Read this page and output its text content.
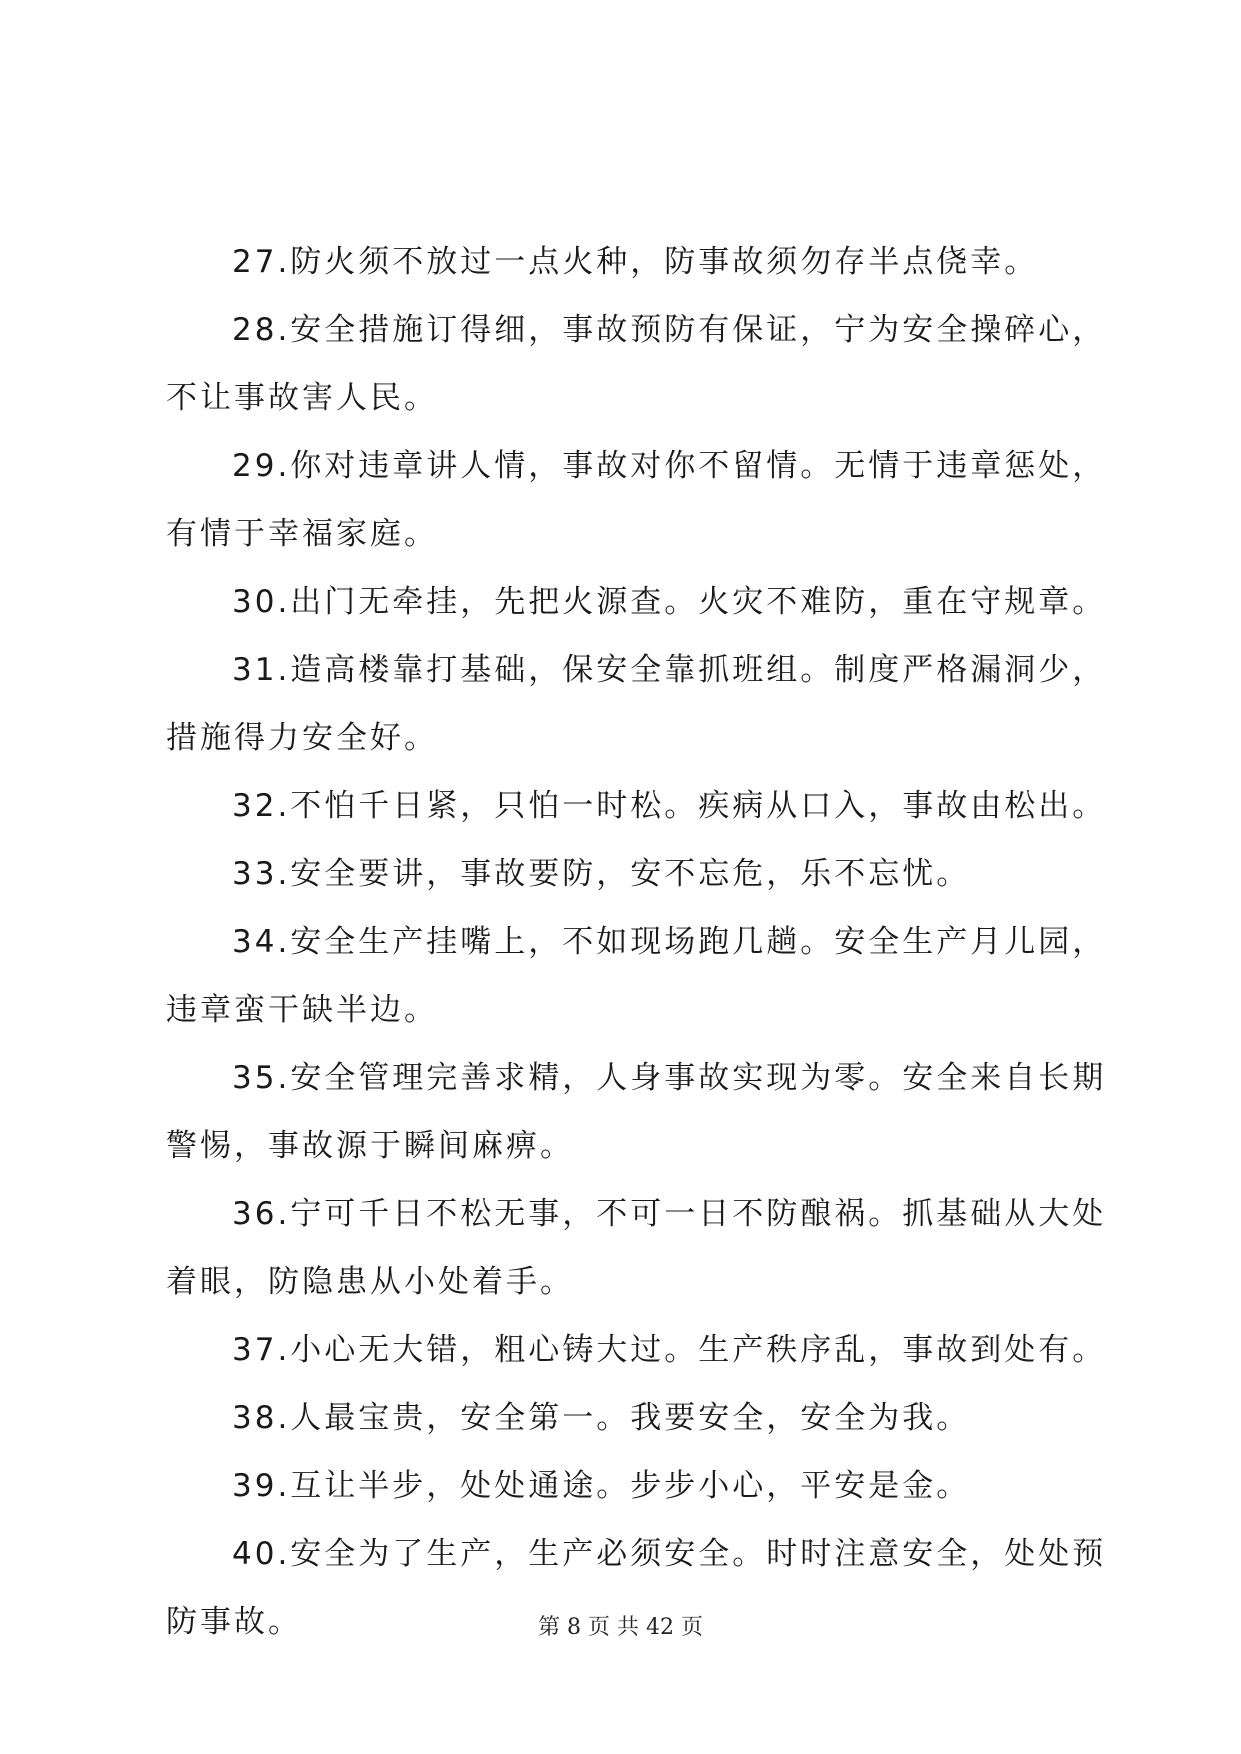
27.防火须不放过一点火种，防事故须勿存半点侥幸。
28.安全措施订得细，事故预防有保证，宁为安全操碎心，
不让事故害人民。
29.你对违章讲人情，事故对你不留情。无情于违章惩处，
有情于幸福家庭。
30.出门无牵挂，先把火源查。火灾不难防，重在守规章。
31.造高楼靠打基础，保安全靠抓班组。制度严格漏洞少，
措施得力安全好。
32.不怕千日紧，只怕一时松。疾病从口入，事故由松出。
33.安全要讲，事故要防，安不忘危，乐不忘忧。
34.安全生产挂嘴上，不如现场跑几趟。安全生产月儿园，
违章蛮干缺半边。
35.安全管理完善求精，人身事故实现为零。安全来自长期
警惕，事故源于瞬间麻痹。
36.宁可千日不松无事，不可一日不防酿祸。抓基础从大处
着眼，防隐患从小处着手。
37.小心无大错，粗心铸大过。生产秩序乱，事故到处有。
38.人最宝贵，安全第一。我要安全，安全为我。
39.互让半步，处处通途。步步小心，平安是金。
40.安全为了生产，生产必须安全。时时注意安全，处处预
防事故。	第 8 页 共 42 页
